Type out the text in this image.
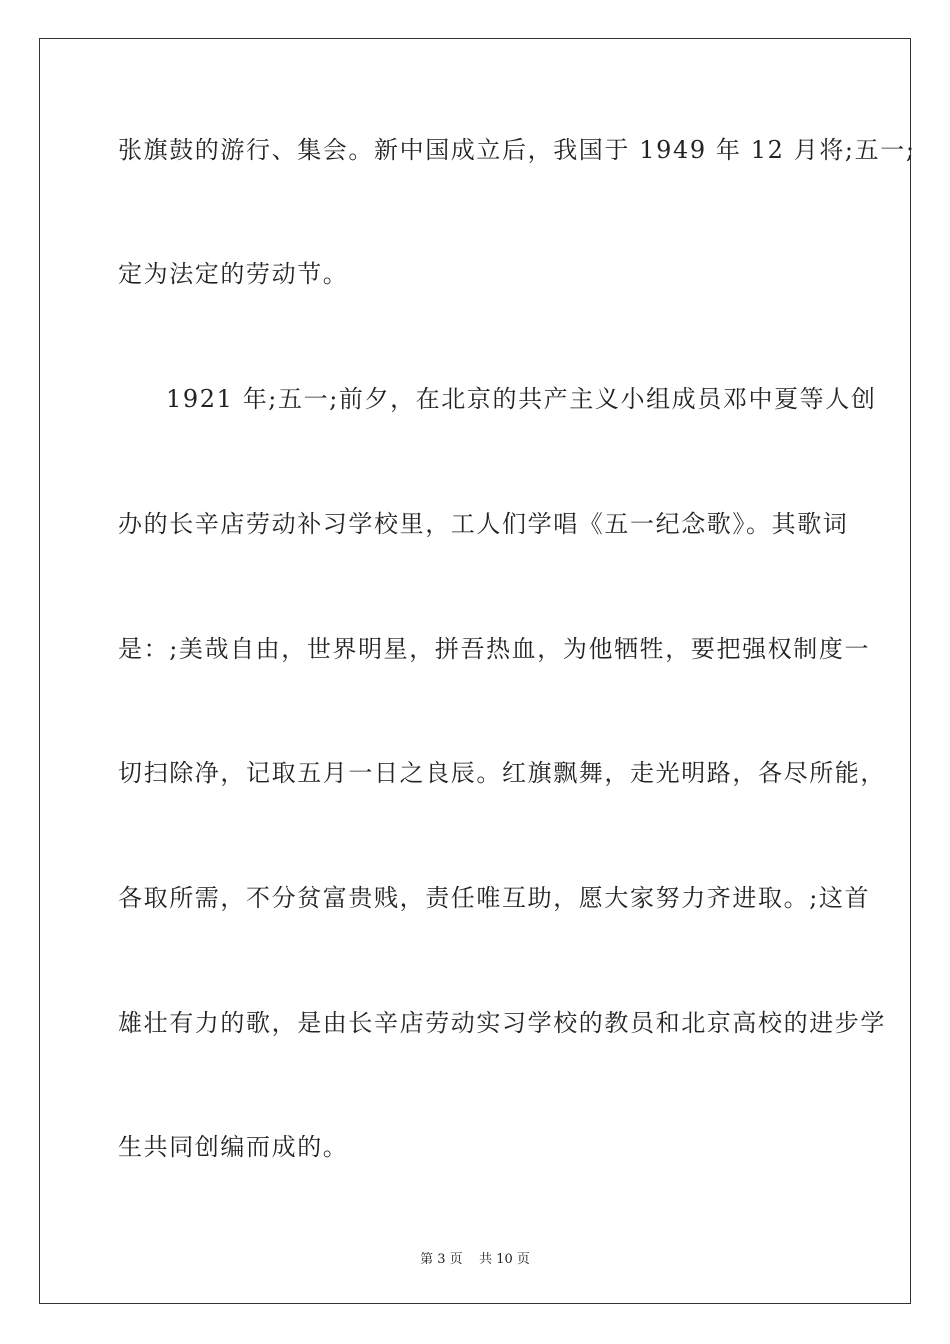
张旗鼓的游行、集会。新中国成立后，我国于 1949 年 12 月将;五一;
定为法定的劳动节。
1921 年;五一;前夕，在北京的共产主义小组成员邓中夏等人创
办的长辛店劳动补习学校里，工人们学唱《五一纪念歌》。其歌词
是：;美哉自由，世界明星，拼吾热血，为他牺牲，要把强权制度一
切扫除净，记取五月一日之良辰。红旗飘舞，走光明路，各尽所能，
各取所需，不分贫富贵贱，责任唯互助，愿大家努力齐进取。;这首
雄壮有力的歌，是由长辛店劳动实习学校的教员和北京高校的进步学
生共同创编而成的。
第 3 页    共 10 页
